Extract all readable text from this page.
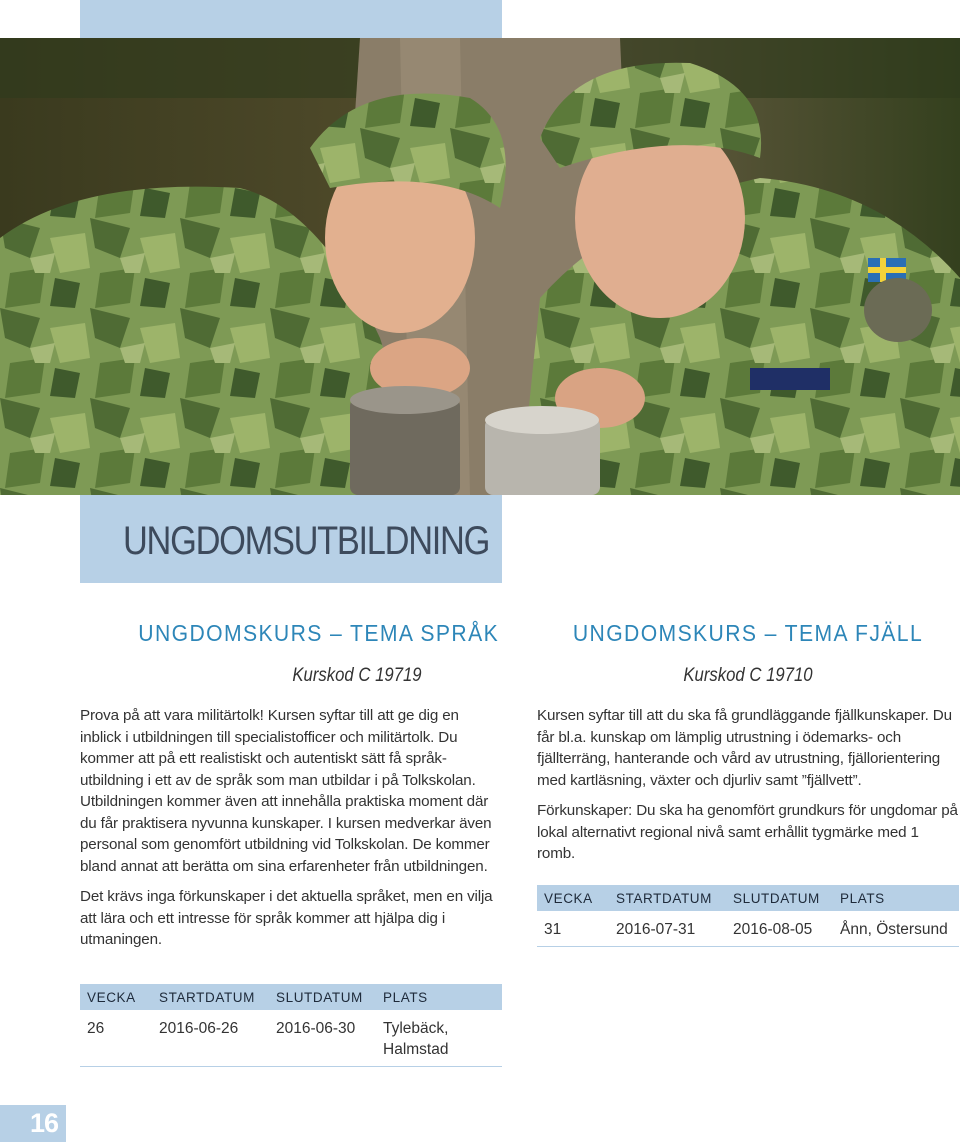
UNGDOMSUTBILDNING
UNGDOMSKURS – TEMA SPRÅK
Kurskod C 19719

Prova på att vara militärtolk! Kursen syftar till att ge dig en inblick i utbildningen till specialistofficer och militärtolk. Du kommer att på ett realistiskt och autentiskt sätt få språk-utbildning i ett av de språk som man utbildar i på Tolkskolan. Utbildningen kommer även att innehålla praktiska moment där du får praktisera nyvunna kunskaper. I kursen medverkar även personal som genomfört utbildning vid Tolkskolan. De kommer bland annat att berätta om sina erfarenheter från utbildningen.

Det krävs inga förkunskaper i det aktuella språket, men en vilja att lära och ett intresse för språk kommer att hjälpa dig i utmaningen.

VECKA	STARTDATUM	SLUTDATUM	PLATS
26	2016-06-26	2016-06-30	Tylebäck, Halmstad
UNGDOMSKURS – TEMA FJÄLL
Kurskod C 19710

Kursen syftar till att du ska få grundläggande fjällkunskaper. Du får bl.a. kunskap om lämplig utrustning i ödemarks- och fjällterräng, hanterande och vård av utrustning, fjällorientering med kartläsning, växter och djurliv samt ”fjällvett”.

Förkunskaper: Du ska ha genomfört grundkurs för ungdomar på lokal alternativt regional nivå samt erhållit tygmärke med 1 romb.

VECKA	STARTDATUM	SLUTDATUM	PLATS
31	2016-07-31	2016-08-05	Ånn, Östersund
16
